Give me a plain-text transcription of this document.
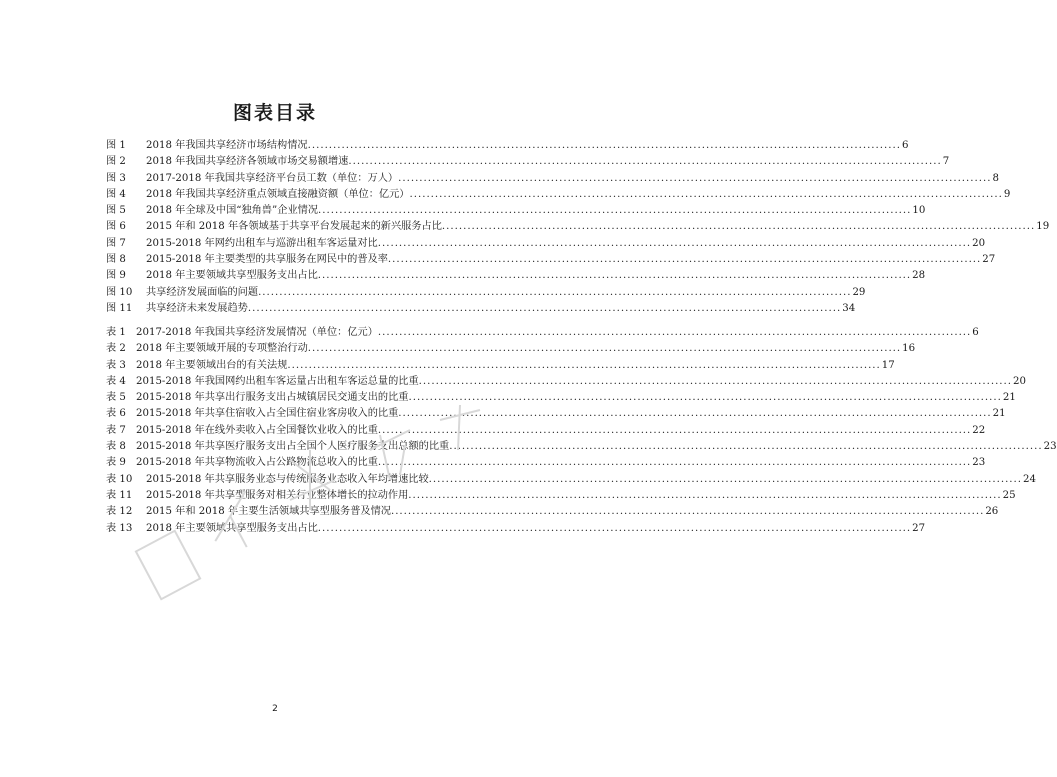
图表目录
图 1 2018 年我国共享经济市场结构情况 ............................................................................................................................................ 6
图 2 2018 年我国共享经济各领域市场交易额增速 ............................................................................................................................................ 7
图 3 2017-2018 年我国共享经济平台员工数（单位：万人） ............................................................................................................................................ 8
图 4 2018 年我国共享经济重点领域直接融资额（单位：亿元） ............................................................................................................................................ 9
图 5 2018 年全球及中国“独角兽”企业情况 ............................................................................................................................................ 10
图 6 2015 年和 2018 年各领域基于共享平台发展起来的新兴服务占比 ............................................................................................................................................ 19
图 7 2015-2018 年网约出租车与巡游出租车客运量对比 ............................................................................................................................................ 20
图 8 2015-2018 年主要类型的共享服务在网民中的普及率 ............................................................................................................................................ 27
图 9 2018 年主要领域共享型服务支出占比 ............................................................................................................................................ 28
图 10 共享经济发展面临的问题 ............................................................................................................................................ 29
图 11 共享经济未来发展趋势 ............................................................................................................................................ 34
表 1 2017-2018 年我国共享经济发展情况（单位：亿元） ............................................................................................................................................ 6
表 2 2018 年主要领域开展的专项整治行动 ............................................................................................................................................ 16
表 3 2018 年主要领域出台的有关法规 ............................................................................................................................................ 17
表 4 2015-2018 年我国网约出租车客运量占出租车客运总量的比重 ............................................................................................................................................ 20
表 5 2015-2018 年共享出行服务支出占城镇居民交通支出的比重 ............................................................................................................................................ 21
表 6 2015-2018 年共享住宿收入占全国住宿业客房收入的比重 ............................................................................................................................................ 21
表 7 2015-2018 年在线外卖收入占全国餐饮业收入的比重 ............................................................................................................................................ 22
表 8 2015-2018 年共享医疗服务支出占全国个人医疗服务支出总额的比重 ............................................................................................................................................ 23
表 9 2015-2018 年共享物流收入占公路物流总收入的比重 ............................................................................................................................................ 23
表 10 2015-2018 年共享服务业态与传统服务业态收入年均增速比较 ............................................................................................................................................ 24
表 11 2015-2018 年共享型服务对相关行业整体增长的拉动作用 ............................................................................................................................................ 25
表 12 2015 年和 2018 年主要生活领域共享型服务普及情况 ............................................................................................................................................ 26
表 13 2018 年主要领域共享型服务支出占比 ............................................................................................................................................ 27
2
